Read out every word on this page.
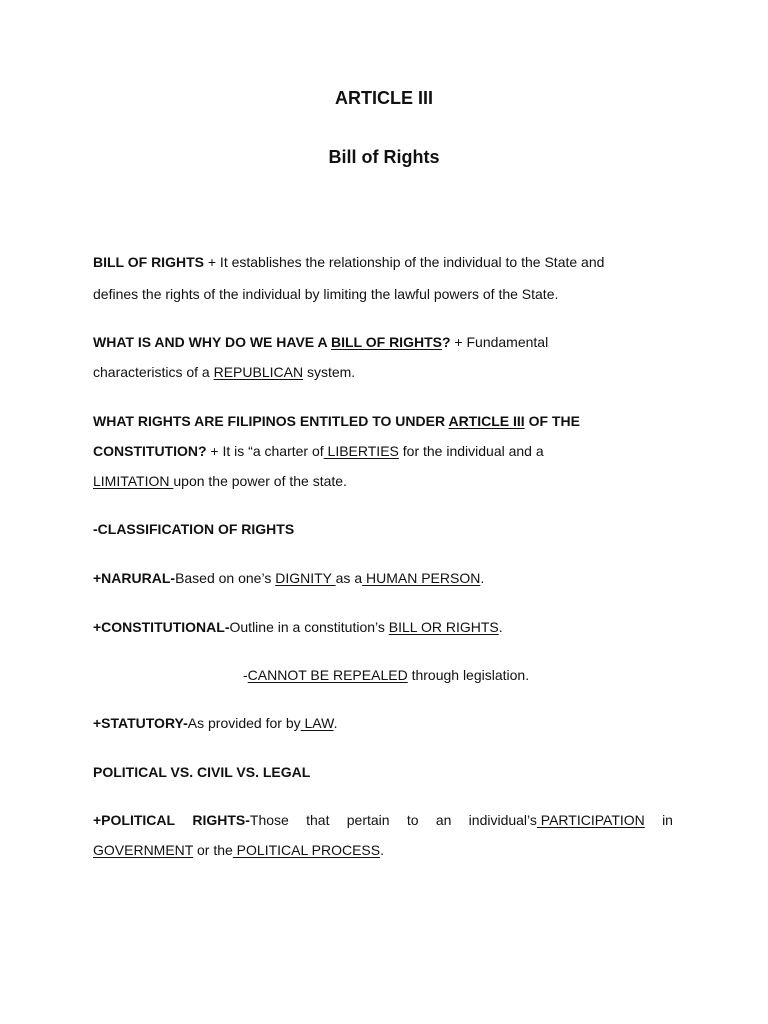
ARTICLE III
Bill of Rights
BILL OF RIGHTS + It establishes the relationship of the individual to the State and
defines the rights of the individual by limiting the lawful powers of the State.
WHAT IS AND WHY DO WE HAVE A BILL OF RIGHTS? + Fundamental
characteristics of a REPUBLICAN system.
WHAT RIGHTS ARE FILIPINOS ENTITLED TO UNDER ARTICLE III OF THE
CONSTITUTION? + It is “a charter of LIBERTIES for the individual and a
LIMITATION upon the power of the state.
-CLASSIFICATION OF RIGHTS
+NARURAL-Based on one’s DIGNITY as a HUMAN PERSON.
+CONSTITUTIONAL-Outline in a constitution’s BILL OR RIGHTS.
-CANNOT BE REPEALED through legislation.
+STATUTORY-As provided for by LAW.
POLITICAL VS. CIVIL VS. LEGAL
+POLITICAL RIGHTS-Those that pertain to an individual’s PARTICIPATION in
GOVERNMENT or the POLITICAL PROCESS.
